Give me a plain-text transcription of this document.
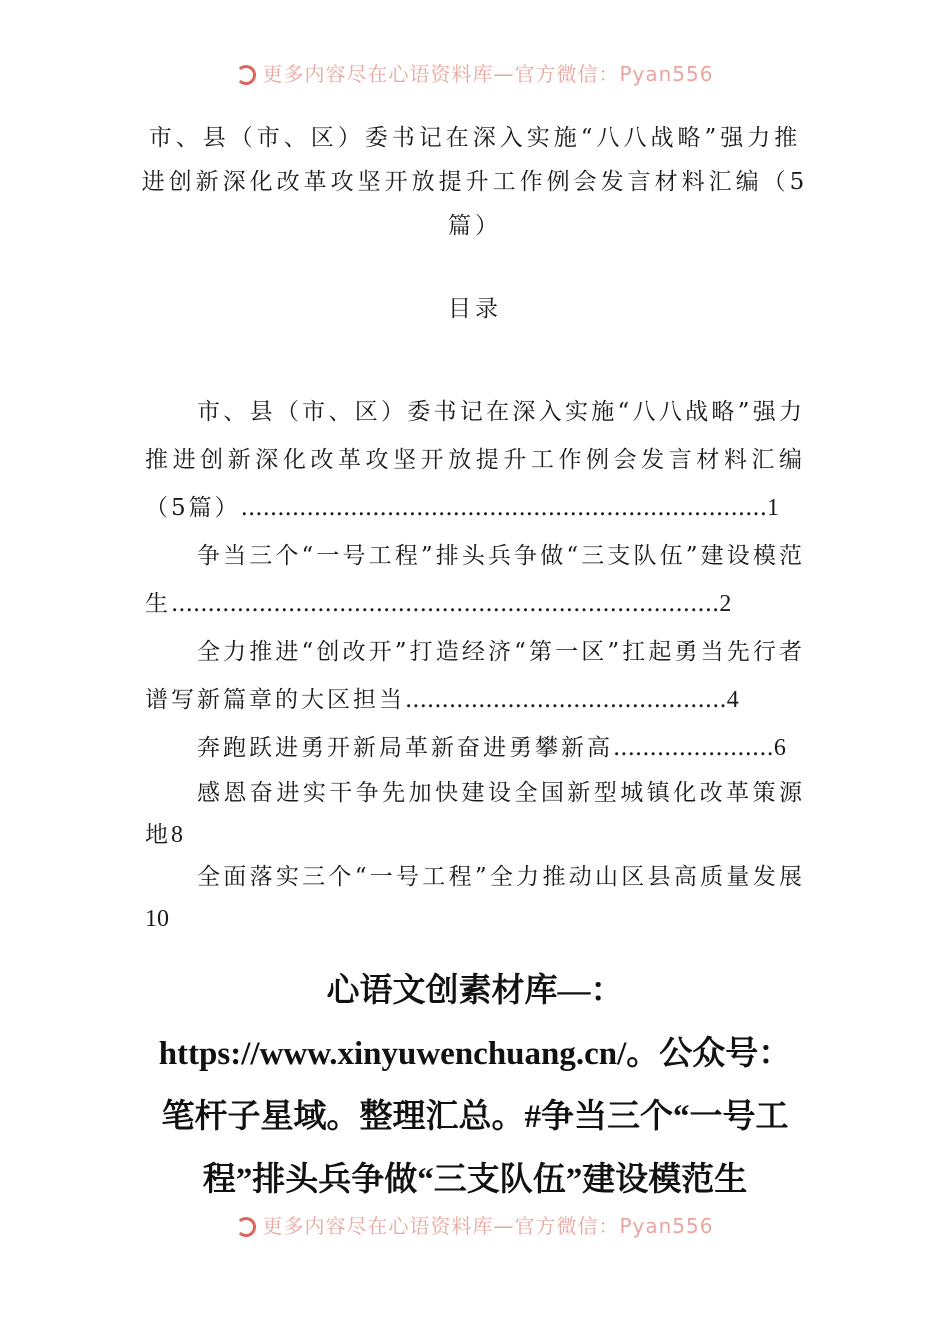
更多内容尽在心语资料库—官方微信：Pyan556
市、县（市、区）委书记在深入实施“八八战略”强力推进创新深化改革攻坚开放提升工作例会发言材料汇编（5篇）
目录
市、县（市、区）委书记在深入实施“八八战略”强力推进创新深化改革攻坚开放提升工作例会发言材料汇编（5篇）........................................................................1
争当三个“一号工程”排头兵争做“三支队伍”建设模范生...........................................................................2
全力推进“创改开”打造经济“第一区”扛起勇当先行者谱写新篇章的大区担当............................................4
奔跑跃进勇开新局革新奋进勇攀新高......................6
感恩奋进实干争先加快建设全国新型城镇化改革策源地8
全面落实三个“一号工程”全力推动山区县高质量发展10
心语文创素材库—：https://www.xinyuwenchuang.cn/。公众号：笔杆子星域。整理汇总。#争当三个“一号工程”排头兵争做“三支队伍”建设模范生
更多内容尽在心语资料库—官方微信：Pyan556
